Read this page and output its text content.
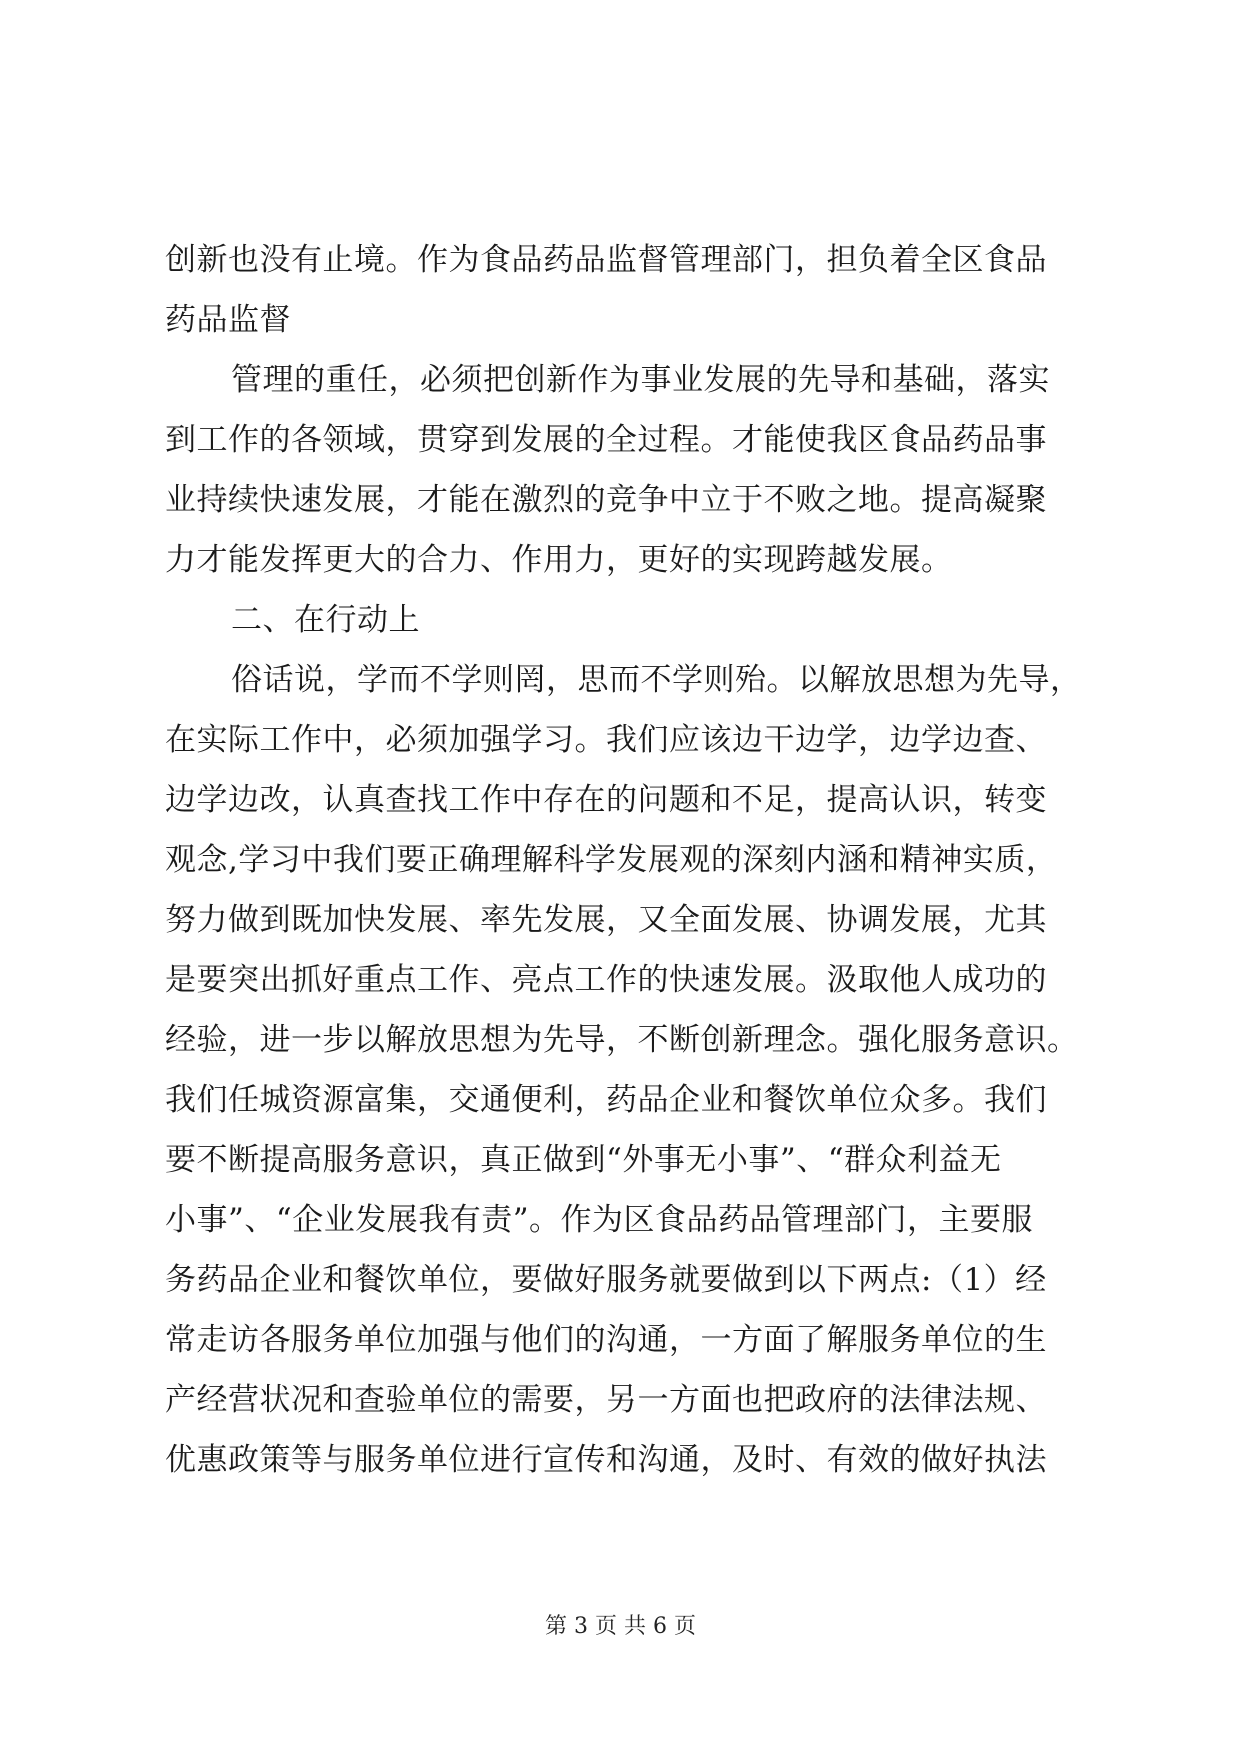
创新也没有止境。作为食品药品监督管理部门，担负着全区食品
药品监督
管理的重任，必须把创新作为事业发展的先导和基础，落实
到工作的各领域，贯穿到发展的全过程。才能使我区食品药品事
业持续快速发展，才能在激烈的竞争中立于不败之地。提高凝聚
力才能发挥更大的合力、作用力，更好的实现跨越发展。
二、在行动上
俗话说，学而不学则罔，思而不学则殆。以解放思想为先导，
在实际工作中，必须加强学习。我们应该边干边学，边学边查、
边学边改，认真查找工作中存在的问题和不足，提高认识，转变
观念,学习中我们要正确理解科学发展观的深刻内涵和精神实质，
努力做到既加快发展、率先发展，又全面发展、协调发展，尤其
是要突出抓好重点工作、亮点工作的快速发展。汲取他人成功的
经验，进一步以解放思想为先导，不断创新理念。强化服务意识。
我们任城资源富集，交通便利，药品企业和餐饮单位众多。我们
要不断提高服务意识，真正做到“外事无小事”、“群众利益无
小事”、“企业发展我有责”。作为区食品药品管理部门，主要服
务药品企业和餐饮单位，要做好服务就要做到以下两点:（1）经
常走访各服务单位加强与他们的沟通，一方面了解服务单位的生
产经营状况和查验单位的需要，另一方面也把政府的法律法规、
优惠政策等与服务单位进行宣传和沟通，及时、有效的做好执法
第 3 页 共 6 页
